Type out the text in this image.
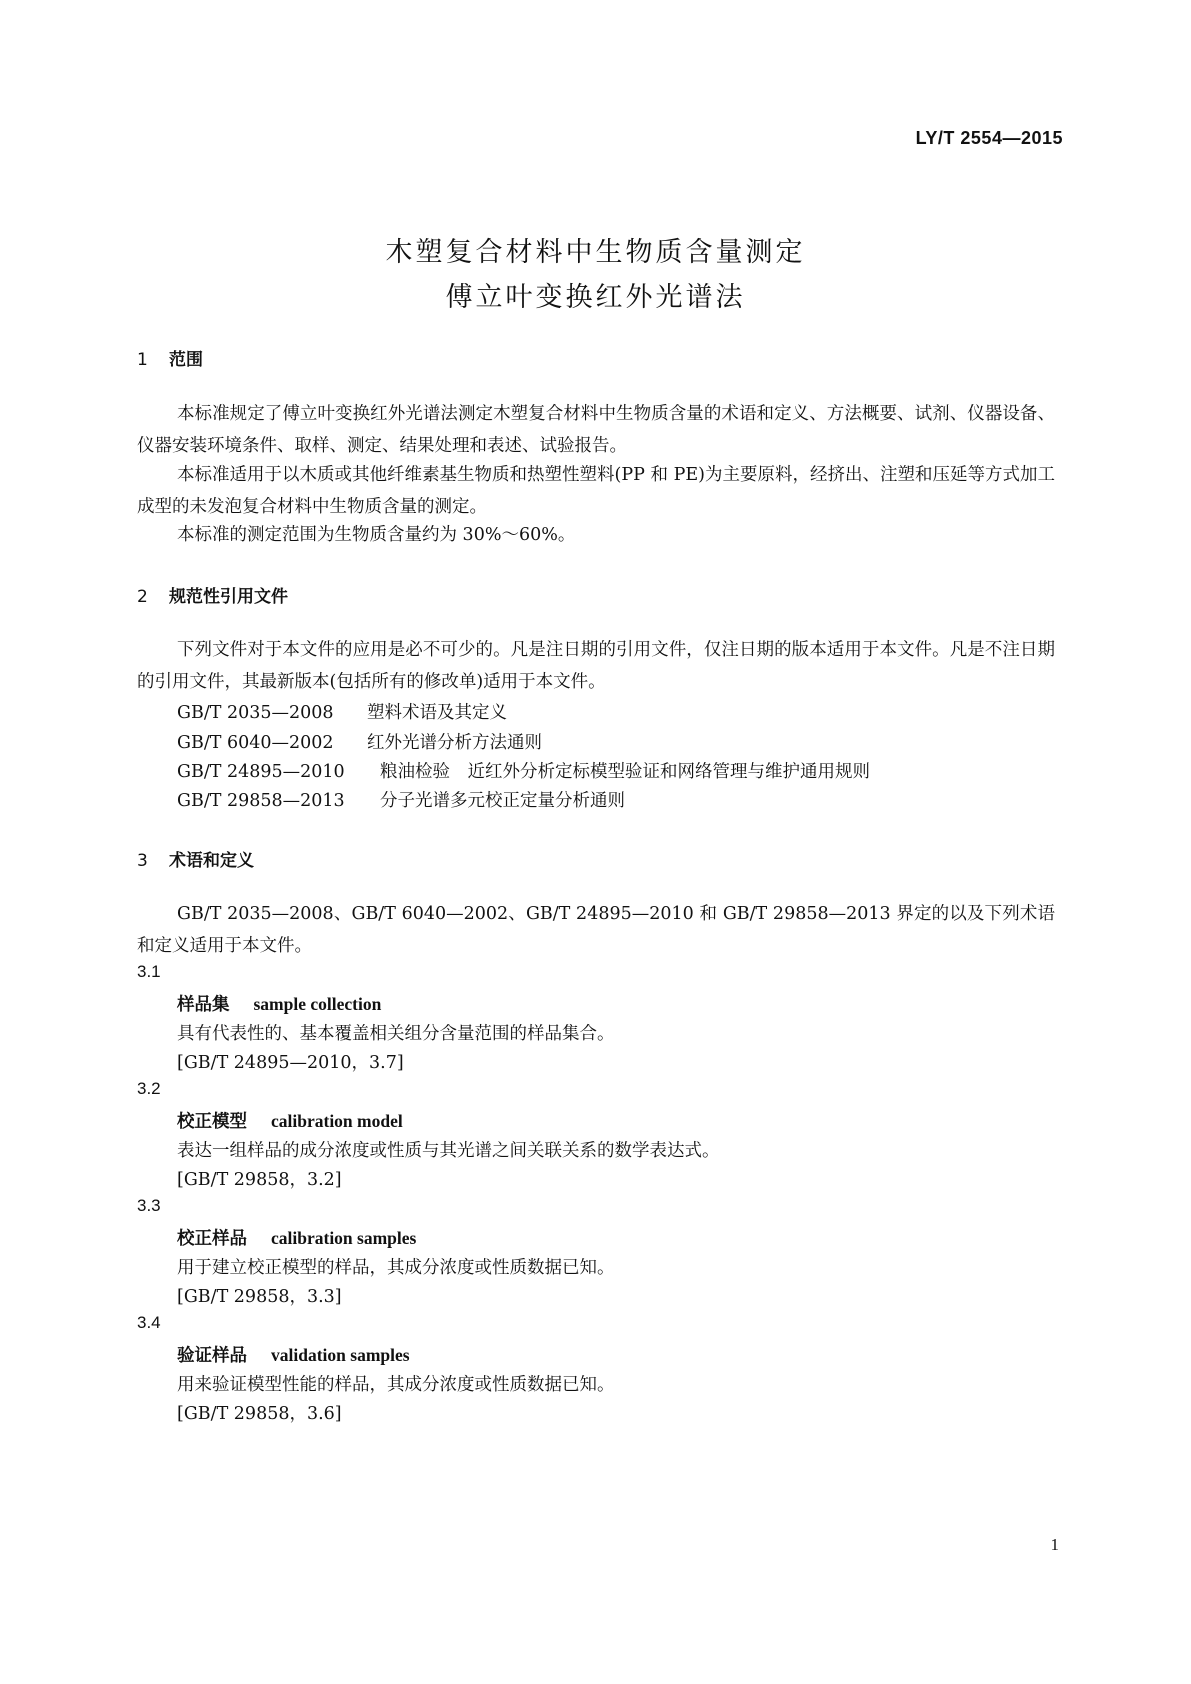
LY/T 2554—2015
木塑复合材料中生物质含量测定
傅立叶变换红外光谱法
1 范围

本标准规定了傅立叶变换红外光谱法测定木塑复合材料中生物质含量的术语和定义、方法概要、试剂、仪器设备、仪器安装环境条件、取样、测定、结果处理和表述、试验报告。

本标准适用于以木质或其他纤维素基生物质和热塑性塑料(PP 和 PE)为主要原料，经挤出、注塑和压延等方式加工成型的未发泡复合材料中生物质含量的测定。

本标准的测定范围为生物质含量约为 30%～60%。

2 规范性引用文件

下列文件对于本文件的应用是必不可少的。凡是注日期的引用文件，仅注日期的版本适用于本文件。凡是不注日期的引用文件，其最新版本(包括所有的修改单)适用于本文件。

GB/T 2035—2008 塑料术语及其定义
GB/T 6040—2002 红外光谱分析方法通则
GB/T 24895—2010 粮油检验　近红外分析定标模型验证和网络管理与维护通用规则
GB/T 29858—2013 分子光谱多元校正定量分析通则
3 术语和定义

GB/T 2035—2008、GB/T 6040—2002、GB/T 24895—2010 和 GB/T 29858—2013 界定的以及下列术语和定义适用于本文件。

3.1
样品集 sample collection
具有代表性的、基本覆盖相关组分含量范围的样品集合。
[GB/T 24895—2010，3.7]
3.2
校正模型 calibration model
表达一组样品的成分浓度或性质与其光谱之间关联关系的数学表达式。
[GB/T 29858，3.2]
3.3
校正样品 calibration samples
用于建立校正模型的样品，其成分浓度或性质数据已知。
[GB/T 29858，3.3]
3.4
验证样品 validation samples
用来验证模型性能的样品，其成分浓度或性质数据已知。
[GB/T 29858，3.6]
1
